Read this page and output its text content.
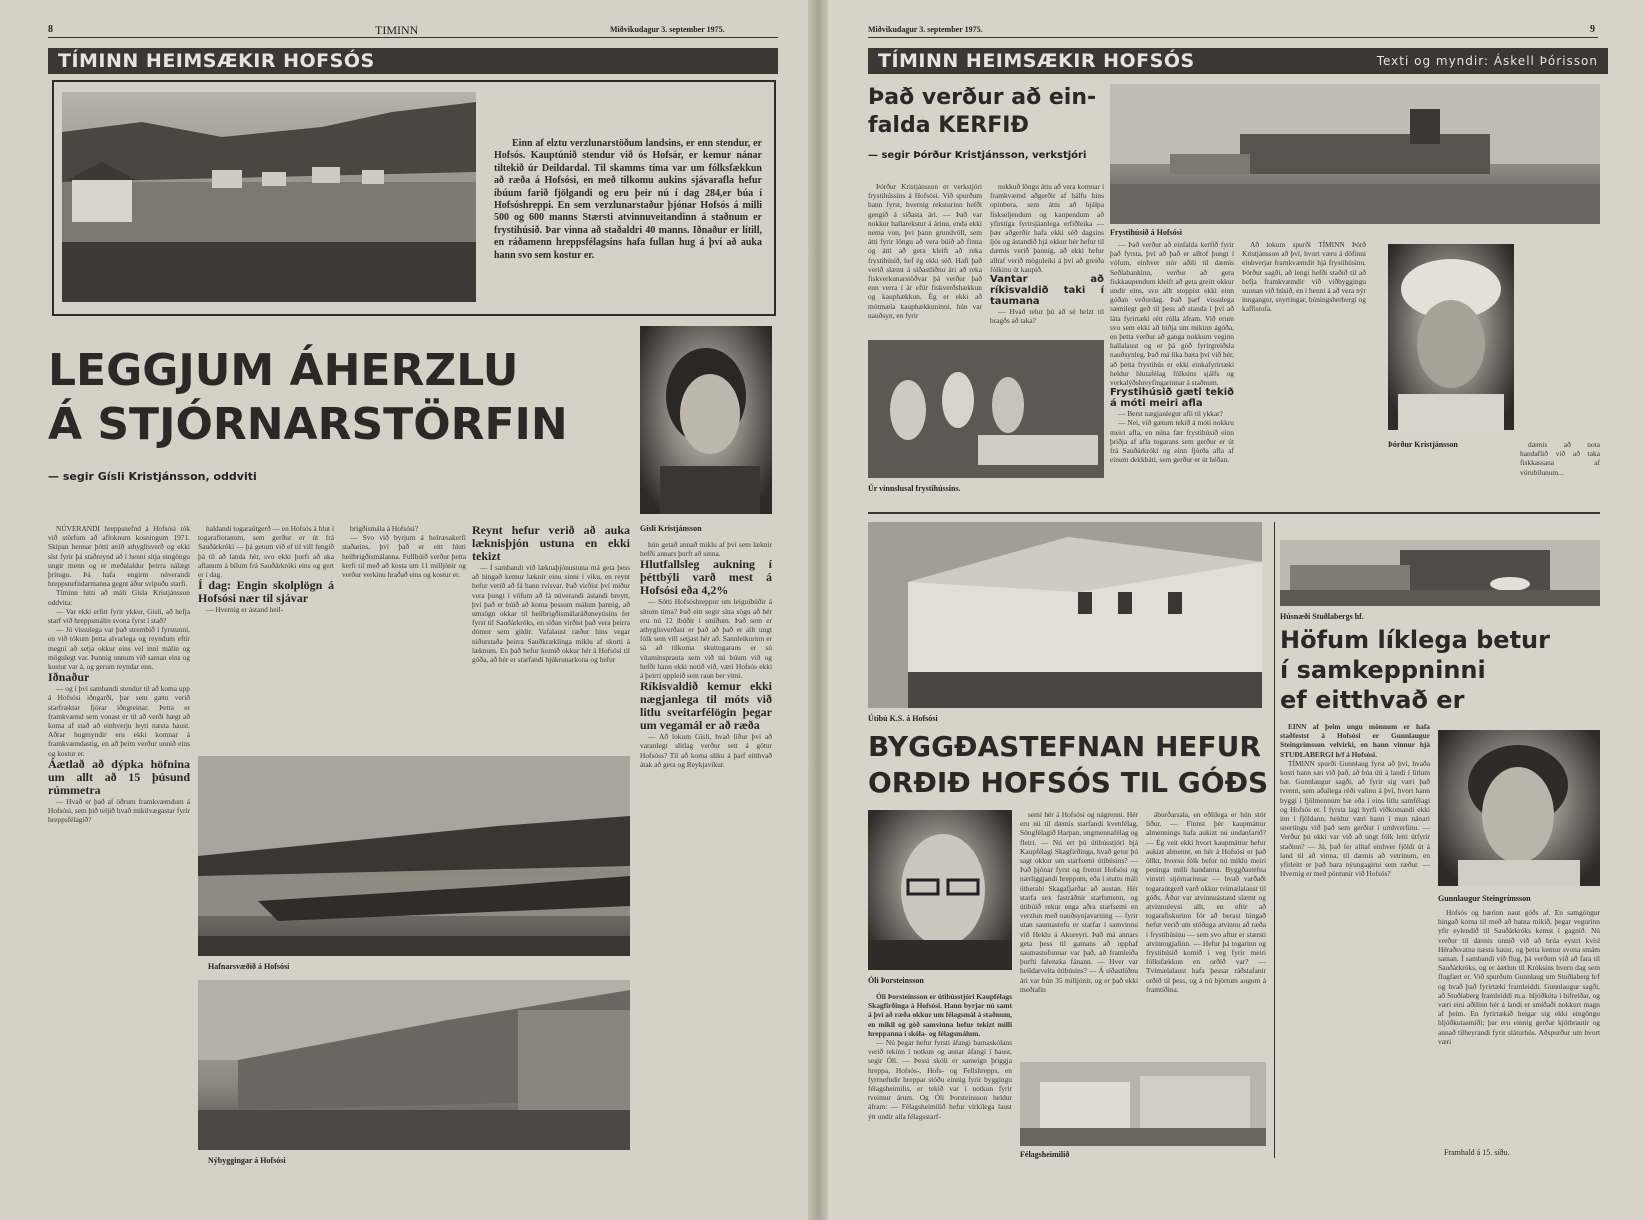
8	TIMINN	Miðvikudagur 3. september 1975.
TÍMINN HEIMSÆKIR HOFSÓS
Einn af elztu verzlunarstöðum landsins, er enn stendur, er Hofsós. Kauptúnið stendur við ós Hofsár, er kemur nánar tiltekið úr Deildardal. Til skamms tíma var um fólksfækkun að ræða á Hofsósi, en með tilkomu aukins sjávarafla hefur íbúum farið fjölgandi og eru þeir nú í dag 284,er búa í Hofsóshreppi. En sem verzlunarstaður þjónar Hofsós á milli 500 og 600 manns Stærsti atvinnuveitandinn á staðnum er frystihúsið. Þar vinna að staðaldri 40 manns. Iðnaður er lítill, en ráðamenn hreppsfélagsins hafa fullan hug á því að auka hann svo sem kostur er.
LEGGJUM ÁHERZLU
Á STJÓRNARSTÖRFIN
— segir Gísli Kristjánsson, oddviti
Gísli Kristjánsson

NÚVERANDI hreppsnefnd á Hofsósi tók við störfum að afloknum kosningum 1971. Skipan hennar þótti æríð athyglisverð og ekki síst fyrir þá staðreynd að í henni sitja eingöngu ungir menn og er meðalaldur þeirra nálægt þrítugu. Þá hafa engirm núverandi hreppsnefndarmanna gegnt áður svipuðu starfi.

Tíminn hitti að máli Gísla Kristjánsson oddvita:

— Var ekki erfitt fyrir ykkur, Gísli, að hefja starf við hreppsmálin svona fyrst í stað?

— Jú vissulega var það strembið í fyrstunni, en við tókum þetta alvarlega og reyndum eftir megni að setja okkur eins vel inní málin og mögulegt var. Þannig unnum við saman eins og kostur var á, og gerum reyndar enn.

Iðnaður

— og í því sambandi stendur til að koma upp á Hofsósi iðngarði, þar sem gætu verið starfræktar fjórar iðngreinar. Þetta er framkvæmd sem vonast er til að verði hægt að koma af stað að einhverju leyti næsta haust. Aðrar hugmyndir eru ekki komnar á framkvæmdastig, en að þeim verður unnið eins og kostur er.

Áætlað að dýpka höfnina um allt að 15 þúsund rúmmetra

— Hvað er það af öðrum framkvæmdum á Hofsósi, sem þið teljið hvað mikilvægastar fyrir hreppsfélagið?

haldandi togaraútgerð — en Hofsós á hlut í togaraflotanum, sem gerður er út frá Sauðárkróki — þá getum við ef til vill fengið þá til að landa hér, svo ekki þurfi að aka aflanum á bílum frá Sauðárkróki eins og gert er í dag.

Í dag: Engin skolplögn á Hofsósi nær til sjávar

— Hvernig er ástand heil-

brigðismála á Hofsósi?

— Svo við byrjum á holræsakerfi staðarins, því það er eitt hluti heilbrigðismálanna. Fullbúið verður þetta kerfi til með að kosta um 11 milljónir og verður verkinu hraðað eins og kostur er.

Reynt hefur verið að auka læknisþjón ustuna en ekki tekizt

— Í sambandi við læknaþjónustuna má geta þess að hingað kemur læknir einu sinni í viku, en reynt hefur verið að fá hann tvisvar. Það virðist því miður vera þungt í vöfum að fá núverandi ástandi breytt, því það er búið að koma þessum málum þannig, að umsögn okkar til heilbrigðismálaráðuneytisins fer fyrst til Sauðárkróks, en síðan virðist það vera þeirra dómur sem gildir. Vafalaust ræður hins vegar niðurstaða þeirra Sauðkræklinga miklu af skorti á læknum. En það hefur komið okkur hér á Hofsósi til góða, að hér er starfandi hjúkrunarkona og hefur

hún getað annað miklu af því sem læknir hefði annars þurft að sinna.

Hlutfallsleg aukning í þéttbýli varð mest á Hofsósi eða 4,2%

— Sótti Hofsóshreppur um leiguíbúðir á sínum tíma? Það eitt segir sína sögu að hér eru nú 12 íbúðir í smíðum. Það sem er athyglisverðast er það að það er allt ungt fólk sem vill setjast hér að. Sannleikurinn er sá að tilkoma skuttogarans er sú vítamínsprauta sem við nú búum við og hefði hann ekki notið við, væri Hofsós ekki á þeirri uppleið sem raun ber vitni.

Ríkisvaldið kemur ekki nægjanlega til móts við litlu sveitarfélögin þegar um vegamál er að ræða

— Að lokum Gísli, hvað líður því að varanlegt slitlag verður sett á götur Hofsóss? Til að koma slíku á þarf eitthvað átak að gera og Reykjavíkur.

Hafnarsvæðið á Hofsósi
Nýbyggingar á Hofsósi
Miðvikudagur 3. september 1975.	9
TÍMINN HEIMSÆKIR HOFSÓS	Texti og myndir: Áskell Þórisson
Það verður að ein-
falda KERFIÐ
— segir Þórður Kristjánsson, verkstjóri
Frystihúsið á Hofsósi

Þórður Kristjánsson er verkstjóri frystihússins á Hofsósi. Við spurðum hann fyrst, hvernig reksturinn hefði gengið á síðasta ári. — Það var nokkur hallarekstur á árinu, enda ekki nema von, því þann grundvöll, sem átti fyrir löngu að vera búið að finna og átti að gera kleift að reka frystihúsið, hef ég ekki séð. Hafi það verið slæmt á síðastliðnu ári að reka fiskverkunarstöðvar þá verður það enn verra í ár eftir fiskverðshækkun og kauphækkun. Ég er ekki að mótmæla kauphækkuninni, hún var nauðsyn, en fyrir

nokkuð löngu áttu að vera komnar í framkvæmd aðgerðir af hálfu hins opinbera, sem áttu að hjálpa fiskseljendum og kaupendum að yfirstíga fyrirsjáanlega erfiðleika — þær aðgerðir hafa ekki séð dagsins ljós og ástandið hjá okkur hér hefur til dæmis verið þannig, að ekki hefur alltaf verið möguleiki á því að greiða fólkinu út kaupið.

Vantar að ríkisvaldið taki í taumana

— Hvað telur þú að sé helzt til bragðs að taka?

Úr vinnslusal frystihússins.

— Það verður að einfalda kerfið fyrir það fyrsta, því að það er alltof þungt í vöfum, einhver stór aðili til dæmis Seðlabankinn, verður að gera fiskkaupendum kleift að geta greitt okkur undir eins, svo allt stoppist ekki einn góðan veðurdag. Það þarf vissulega sæmilegt geð til þess að standa í því að láta fyrirtæki rétt rúlla áfram. Við erum svo sem ekki að biðja um mikinn ágóða, en þetta verður að ganga nokkurn veginn hallalaust og er þá góð fyrirgreiðsla nauðsynleg. Það má líka bæta því við hér, að þetta frystihús er ekki einkafyrirtæki heldur hlutafélag fólksins sjálfs og verkalýðshreyfingarinnar á staðnum.

Frystihúsið gæti tekið á móti meiri afla

— Berst nægjanlegur afli til ykkar?

— Nei, við gætum tekið á móti nokkru meiri afla, en núna fær frystihúsið einn þriðja af afla togarans sem gerður er út frá Sauðárkróki og einn fjórða afla af einum dekkbáti, sem gerður er út héðan.

Að lokum spurði TÍMINN Þórð Kristjánsson að því, hvort væru á döfinni einhverjar framkvæmdir hjá frystihúsinu. Þórður sagði, að lengi hefði staðið til að hefja framkvæmdir við viðbyggingu sunnan við húsið, en í henni á að vera nýr inngangur, snyrtingar, búningsherbergi og kaffistofa.

Þórður Kristjánsson	dæmis að nota handaflið við að taka fiskkassana af vörubílunum...

Útibú K.S. á Hofsósi
BYGGÐASTEFNAN HEFUR
ORÐIÐ HOFSÓS TIL GÓÐS
Óli Þorsteinsson

Óli Þorsteinsson er útibússtjóri Kaupfélags Skagfirðinga á Hofsósi. Hann byrjar nú samt á því að ræða okkur um félagsmál á staðnum, en mikil og góð samvinna hefur tekizt milli hreppanna í skóla- og félagsmálum.

— Nú þegar hefur fyrsti áfangi barnaskólans verið tekinn í notkun og annar áfangi í haust, segir Óli. — Þessi skóli er sameign þriggja hreppa, Hofsós-, Hofs- og Fellshrepps, en fyrrnefndir hreppar stóðu einnig fyrir byggingu félagsheimilis, er tekið var í notkun fyrir tveimur árum. Og Óli Þorsteinsson heldur áfram: — Félagsheimilið hefur virkilega laust ýtt undir alla félagsstarf-

semi hér á Hofsósi og nágrenni. Hér eru nú til dæmis starfandi kvenfélag, Söngfélagið Harpan, ungmennafélag og fleiri. — Nú ert þú útibússtjóri hjá Kaupfélagi Skagfirðinga, hvað getur þú sagt okkur um starfsemi útibúsins? — Það þjónar fyrst og fremst Hofsósi og nærliggjandi hreppum, eða í stuttu máli útherabi Skagafjarðar að austan. Hér starfa sex fastráðnir starfsmenn, og útibúið rekur enga aðra starfsemi en verzlun með nauðsynjavarning — fyrir utan saumastofu er starfar í samvinnu við Heklu á Akureyri. Það má annars geta þess til gamans að upphaf saumastofunnar var það, að framleiða þurfti falenzka fánann. — Hver var heildarvelta útibúsins? — Á síðastliðnu ári var hún 35 milljónir, og er það ekki meðtalin

áburðarsala, en eðlilega er hún stór liður. — Finnst þér kaupmáttur almennings hafa aukizt nú undanfarið? — Ég veit ekki hvort kaupmáttur hefur aukizt almennt, en hér á Hofsósi er það öllkt, hversu fólk hefur nú miklu meiri peninga milli handanna. Byggðastefna vinstri stjórnarinnar — hvað varðaði togaraútgerð varð okkur tvímælalaust til góðs. Áður var atvinnuástand slæmt og atvinnuleysi allt, en eftir að togarafiskurinn fór að berast hingað hefur verið um stöðuga atvinnu að ræða í frystihúsinu — sem svo aftur er stærsti atvinnugjafinn. — Hefur þá togarinn og frystihúsið komið í veg fyrir meiri fólksfækkun en orðið var? — Tvímælalaust hafa þessar ráðstafanir orðið til þess, og á nú björtum augum á framtíðina.

Félagsheimilið
Húsnæði Stuðlabergs hf.
Höfum líklega betur
í samkeppninni
ef eitthvað er

EINN af þeim ungu mönnum er hafa staðfestst á Hofsósi er Gunnlaugur Steingrímsson velvirki, en hann vinnur hjá STUÐLABERGI h/f á Hofsósi.

TÍMINN spurði Gunnlaug fyrst að því, hvaða kosti hann sæi við það, að búa úti á landi í litlum bæ. Gunnlaugur sagði, að fyrir sig væri það tvennt, sem aðallega réði valinu á því, hvort hann byggi í fjölmennum bæ eða í eins litlu samfélagi og Hofsós er. Í fyrsta lagi hyrfi viðkomandi ekki inn í fjöldann, heldur væri hann í mun nánari snertingu við það sem gerðist í umhverfinu. — Verður þú ekki var við að ungt fólk leiti útfyrir staðinn? — Jú, það fer alltaf einhver fjöldi út á land til að vinna, til dæmis að vetrinum, en yfirleitt er það bara nýungagirni sem ræður. — Hvernig er með pöntunir við Hofsós?

Gunnlaugur Steingrímsson

Hofsós og bærinn naut góðs af. En samgöngur hingað koma til með að batna mikið, þegar vegurinn yfir eylendið til Sauðárkróks kemst í gagnið. Nú verður til dæmis unnið við að brúa eystri kvísl Héraðsvatna næsta haust, og þetta kemur svona smám saman. Í sambandi við flug, þá verðum við að fara til Sauðárkróks, og er áætlun til Króksins hvern dag sem flugfært er. Við spurðum Gunnlaug um Stuðlaberg h/f og hvað það fyrirtæki framleiddi. Gunnlaugur sagði, að Stuðlaberg framleiddi m.a. hljóðkúta í bifreiðar, og væri eini aðilinn hér á landi er smíðaði nokkurt magn af þeim. En fyrirtækið heigar sig ekki eingöngu hljóðkutasmíði; þar eru einnig gerðar kjötbrautir og annað tilheyrandi fyrir sláturhús. Aðspurður um hvort væri

Framhald á 15. síðu.
